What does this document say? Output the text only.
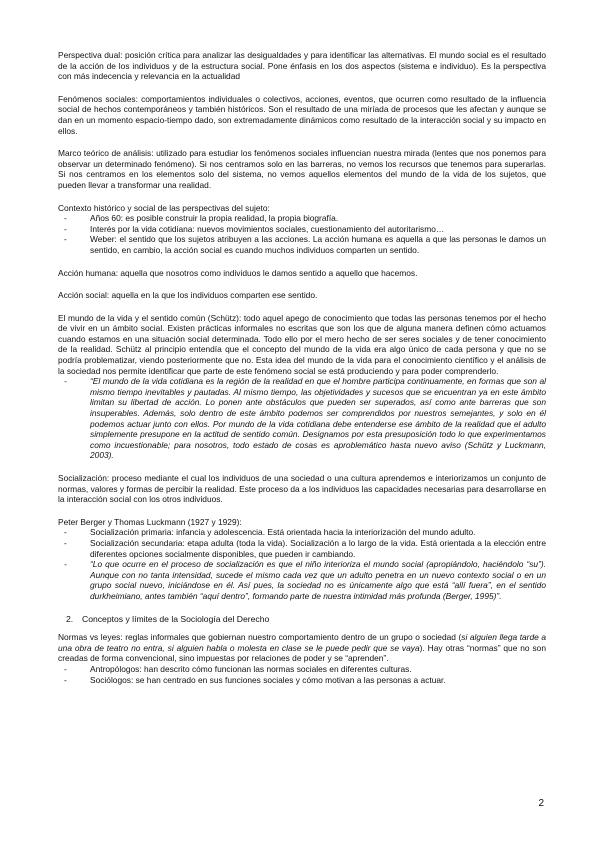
Perspectiva dual: posición crítica para analizar las desigualdades y para identificar las alternativas. El mundo social es el resultado de la acción de los individuos y de la estructura social. Pone énfasis en los dos aspectos (sistema e individuo). Es la perspectiva con más indecencia y relevancia en la actualidad

Fenómenos sociales: comportamientos individuales o colectivos, acciones, eventos, que ocurren como resultado de la influencia social de hechos contemporáneos y también históricos. Son el resultado de una miríada de procesos que les afectan y aunque se dan en un momento espacio-tiempo dado, son extremadamente dinámicos como resultado de la interacción social y su impacto en ellos.

Marco teórico de análisis: utilizado para estudiar los fenómenos sociales influencian nuestra mirada (lentes que nos ponemos para observar un determinado fenómeno). Si nos centramos solo en las barreras, no vemos los recursos que tenemos para superarlas. Si nos centramos en los elementos solo del sistema, no vemos aquellos elementos del mundo de la vida de los sujetos, que pueden llevar a transformar una realidad.

Contexto histórico y social de las perspectivas del sujeto:
- Años 60: es posible construir la propia realidad, la propia biografía.
- Interés por la vida cotidiana: nuevos movimientos sociales, cuestionamiento del autoritarismo…
- Weber: el sentido que los sujetos atribuyen a las acciones. La acción humana es aquella a que las personas le damos un sentido, en cambio, la acción social es cuando muchos individuos comparten un sentido.

Acción humana: aquella que nosotros como individuos le damos sentido a aquello que hacemos.

Acción social: aquella en la que los individuos comparten ese sentido.

El mundo de la vida y el sentido común (Schütz): todo aquel apego de conocimiento que todas las personas tenemos por el hecho de vivir en un ámbito social. Existen prácticas informales no escritas que son los que de alguna manera definen cómo actuamos cuando estamos en una situación social determinada. Todo ello por el mero hecho de ser seres sociales y de tener conocimiento de la realidad. Schütz al principio entendía que el concepto del mundo de la vida era algo único de cada persona y que no se podría problematizar, viendo posteriormente que no. Esta idea del mundo de la vida para el conocimiento científico y el análisis de la sociedad nos permite identificar que parte de este fenómeno social se está produciendo y para poder comprenderlo.
- “El mundo de la vida cotidiana es la región de la realidad en que el hombre participa continuamente, en formas que son al mismo tiempo inevitables y pautadas. Al mismo tiempo, las objetividades y sucesos que se encuentran ya en este ámbito limitan su libertad de acción. Lo ponen ante obstáculos que pueden ser superados, así como ante barreras que son insuperables. Además, solo dentro de este ámbito podemos ser comprendidos por nuestros semejantes, y solo en él podemos actuar junto con ellos. Por mundo de la vida cotidiana debe entenderse ese ámbito de la realidad que el adulto simplemente presupone en la actitud de sentido común. Designamos por esta presuposición todo lo que experimentamos como incuestionable; para nosotros, todo estado de cosas es aproblemático hasta nuevo aviso (Schütz y Luckmann, 2003).

Socialización: proceso mediante el cual los individuos de una sociedad o una cultura aprendemos e interiorizamos un conjunto de normas, valores y formas de percibir la realidad. Este proceso da a los individuos las capacidades necesarias para desarrollarse en la interacción social con los otros individuos.

Peter Berger y Thomas Luckmann (1927 y 1929):
- Socialización primaria: infancia y adolescencia. Está orientada hacia la interiorización del mundo adulto.
- Socialización secundaria: etapa adulta (toda la vida). Socialización a lo largo de la vida. Está orientada a la elección entre diferentes opciones socialmente disponibles, que pueden ir cambiando.
- “Lo que ocurre en el proceso de socialización es que el niño interioriza el mundo social (apropiándolo, haciéndolo “su”). Aunque con no tanta intensidad, sucede el mismo cada vez que un adulto penetra en un nuevo contexto social o en un grupo social nuevo, iniciándose en él. Así pues, la sociedad no es únicamente algo que está “allí fuera”, en el sentido durkheimiano, antes también “aquí dentro”, formando parte de nuestra intimidad más profunda (Berger, 1995)”.
2. Conceptos y límites de la Sociología del Derecho
Normas vs leyes: reglas informales que gobiernan nuestro comportamiento dentro de un grupo o sociedad (si alguien llega tarde a una obra de teatro no entra, si alguien habla o molesta en clase se le puede pedir que se vaya). Hay otras “normas” que no son creadas de forma convencional, sino impuestas por relaciones de poder y se “aprenden”.
- Antropólogos: han descrito cómo funcionan las normas sociales en diferentes culturas.
- Sociólogos: se han centrado en sus funciones sociales y cómo motivan a las personas a actuar.
2
